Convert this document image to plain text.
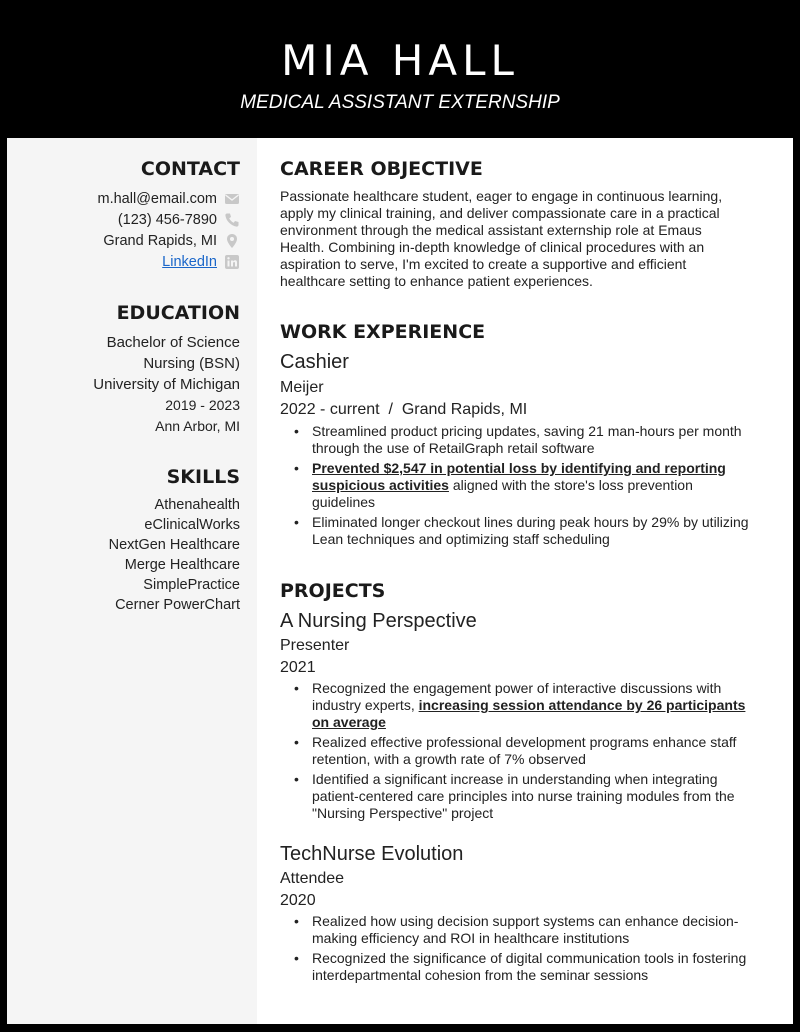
MIA HALL
MEDICAL ASSISTANT EXTERNSHIP
CONTACT
m.hall@email.com
(123) 456-7890
Grand Rapids, MI
LinkedIn
EDUCATION
Bachelor of Science
Nursing (BSN)
University of Michigan
2019 - 2023
Ann Arbor, MI
SKILLS
Athenahealth
eClinicalWorks
NextGen Healthcare
Merge Healthcare
SimplePractice
Cerner PowerChart
CAREER OBJECTIVE
Passionate healthcare student, eager to engage in continuous learning, apply my clinical training, and deliver compassionate care in a practical environment through the medical assistant externship role at Emaus Health. Combining in-depth knowledge of clinical procedures with an aspiration to serve, I'm excited to create a supportive and efficient healthcare setting to enhance patient experiences.
WORK EXPERIENCE
Cashier
Meijer
2022 - current  /  Grand Rapids, MI
• Streamlined product pricing updates, saving 21 man-hours per month through the use of RetailGraph retail software
• Prevented $2,547 in potential loss by identifying and reporting suspicious activities aligned with the store's loss prevention guidelines
• Eliminated longer checkout lines during peak hours by 29% by utilizing Lean techniques and optimizing staff scheduling
PROJECTS
A Nursing Perspective
Presenter
2021
• Recognized the engagement power of interactive discussions with industry experts, increasing session attendance by 26 participants on average
• Realized effective professional development programs enhance staff retention, with a growth rate of 7% observed
• Identified a significant increase in understanding when integrating patient-centered care principles into nurse training modules from the "Nursing Perspective" project
TechNurse Evolution
Attendee
2020
• Realized how using decision support systems can enhance decision-making efficiency and ROI in healthcare institutions
• Recognized the significance of digital communication tools in fostering interdepartmental cohesion from the seminar sessions
